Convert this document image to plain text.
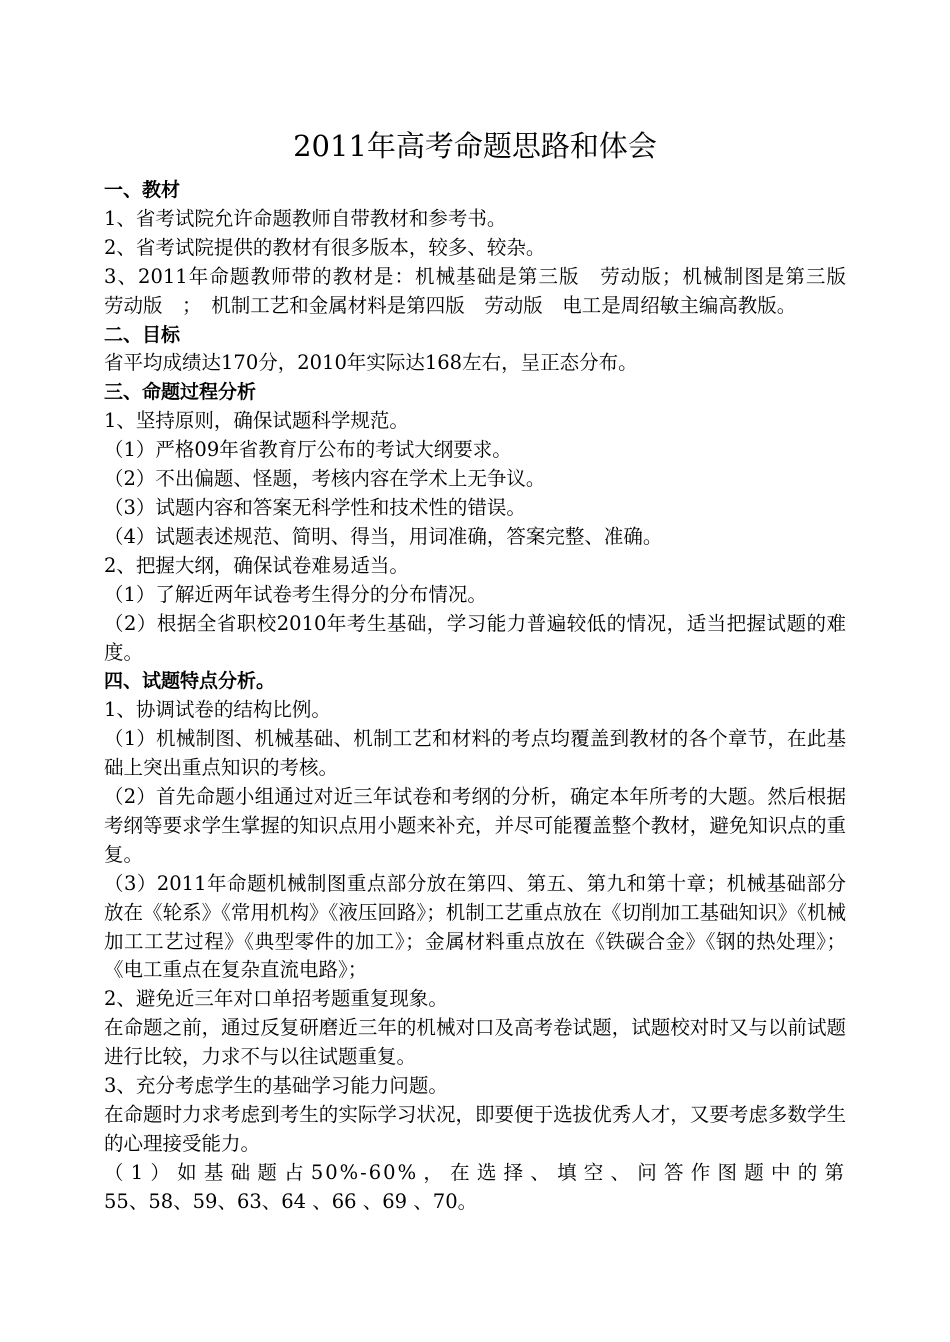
2011年高考命题思路和体会

一、教材

1、省考试院允许命题教师自带教材和参考书。

2、省考试院提供的教材有很多版本，较多、较杂。

3、2011年命题教师带的教材是：机械基础是第三版　劳动版；机械制图是第三版　劳动版　；　机制工艺和金属材料是第四版　劳动版　电工是周绍敏主编高教版。

二、目标

省平均成绩达170分，2010年实际达168左右，呈正态分布。

三、命题过程分析

1、坚持原则，确保试题科学规范。

（1）严格09年省教育厅公布的考试大纲要求。

（2）不出偏题、怪题，考核内容在学术上无争议。

（3）试题内容和答案无科学性和技术性的错误。

（4）试题表述规范、简明、得当，用词准确，答案完整、准确。

2、把握大纲，确保试卷难易适当。

（1）了解近两年试卷考生得分的分布情况。

（2）根据全省职校2010年考生基础，学习能力普遍较低的情况，适当把握试题的难度。

四、试题特点分析。

1、协调试卷的结构比例。

（1）机械制图、机械基础、机制工艺和材料的考点均覆盖到教材的各个章节，在此基础上突出重点知识的考核。

（2）首先命题小组通过对近三年试卷和考纲的分析，确定本年所考的大题。然后根据考纲等要求学生掌握的知识点用小题来补充，并尽可能覆盖整个教材，避免知识点的重复。

（3）2011年命题机械制图重点部分放在第四、第五、第九和第十章；机械基础部分放在《轮系》《常用机构》《液压回路》；机制工艺重点放在《切削加工基础知识》《机械加工工艺过程》《典型零件的加工》；金属材料重点放在《铁碳合金》《钢的热处理》；《电工重点在复杂直流电路》；

2、避免近三年对口单招考题重复现象。

在命题之前，通过反复研磨近三年的机械对口及高考卷试题，试题校对时又与以前试题进行比较，力求不与以往试题重复。

3、充分考虑学生的基础学习能力问题。

在命题时力求考虑到考生的实际学习状况，即要便于选拔优秀人才，又要考虑多数学生的心理接受能力。

（1）如基础题占50%-60%，在选择、填空、问答作图题中的第

55、58、59、63、64 、66 、69 、70。
